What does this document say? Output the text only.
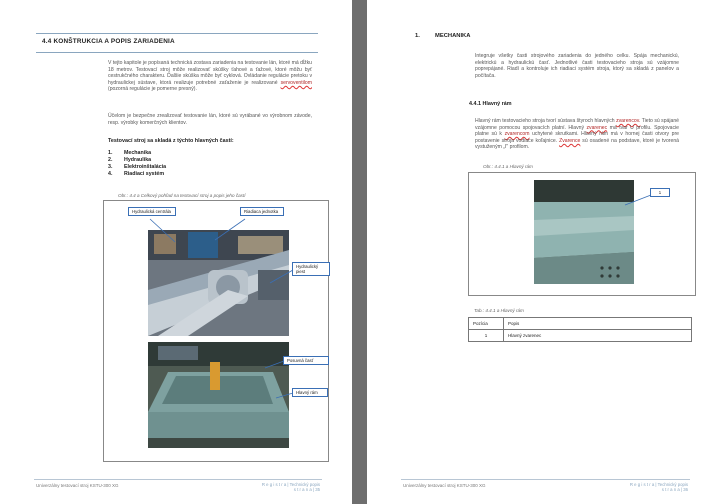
4.4 KONŠTRUKCIA A POPIS ZARIADENIA
V tejto kapitole je popísaná technická zostava zariadenia na testovanie lán, ktoré má dĺžku 18 metrov. Testovací stroj môže realizovať skúšky ťahové a ťažové, ktoré môžu byť cestrukčného charakteru. Ďalšie skúška môže byť cyklová. Ovládanie regulácie pretoku v hydraulickej sústave, ktorá realizuje potrebné zaťaženie je realizované servoventilom (pozorná regulácie je pomerne presný).
Účelom je bezpečne zrealizovať testovanie lán, ktoré sú vyrábané vo výrobnom závode, resp. výrobky komerčných klientov.
Testovací stroj sa skladá z týchto hlavných častí:
1. Mechanika
2. Hydraulika
3. Elektroinštalácia
4. Riadiaci systém
Obr.: 4.4 a Celkový pohľad na testovací stroj a popis jeho častí
Hydraulická centrála	Riadiaca jednotka
Hydraulický piest
Posuvná časť
Hlavný rám
Univerzálny testovací stroj KSTU-300 XG	R e g i s t r a | Technický popis
s t r a n a | 35
1.	MECHANIKA
Integruje všetky časti strojového zariadenia do jedného celku. Spája mechanickú, elektrickú a hydraulickú časť. Jednotlivé časti testovacieho stroja sú vzájomne poprepájané. Riadí a kontroluje ich riadiaci systém stroja, ktorý sa skladá z panelov a počítača.
4.4.1 Hlavný rám
Hlavný rám testovacieho stroja tvorí sústava štyroch hlavných zvarencov. Tieto sú spájané vzájomne pomocou spojovacích platní. Hlavný zvarenec má tvar U profilu. Spojovacie platne sú k zvarencom uchytené skrutkami. Hlavný rám má v hornej časti otvory pre postavenie stroja vodiace koľajnice. Zvarence sú osadené na podstave, ktoré je tvorená vystuženým „I" profilom.
Obr.: 4.4.1 a Hlavný rám
1
Tab.: 4.4.1 a Hlavný rám
Pozícia	Popis
1	Hlavný zvarenec
Univerzálny testovací stroj KSTU-300 XG	R e g i s t r a | Technický popis
s t r a n a | 36
